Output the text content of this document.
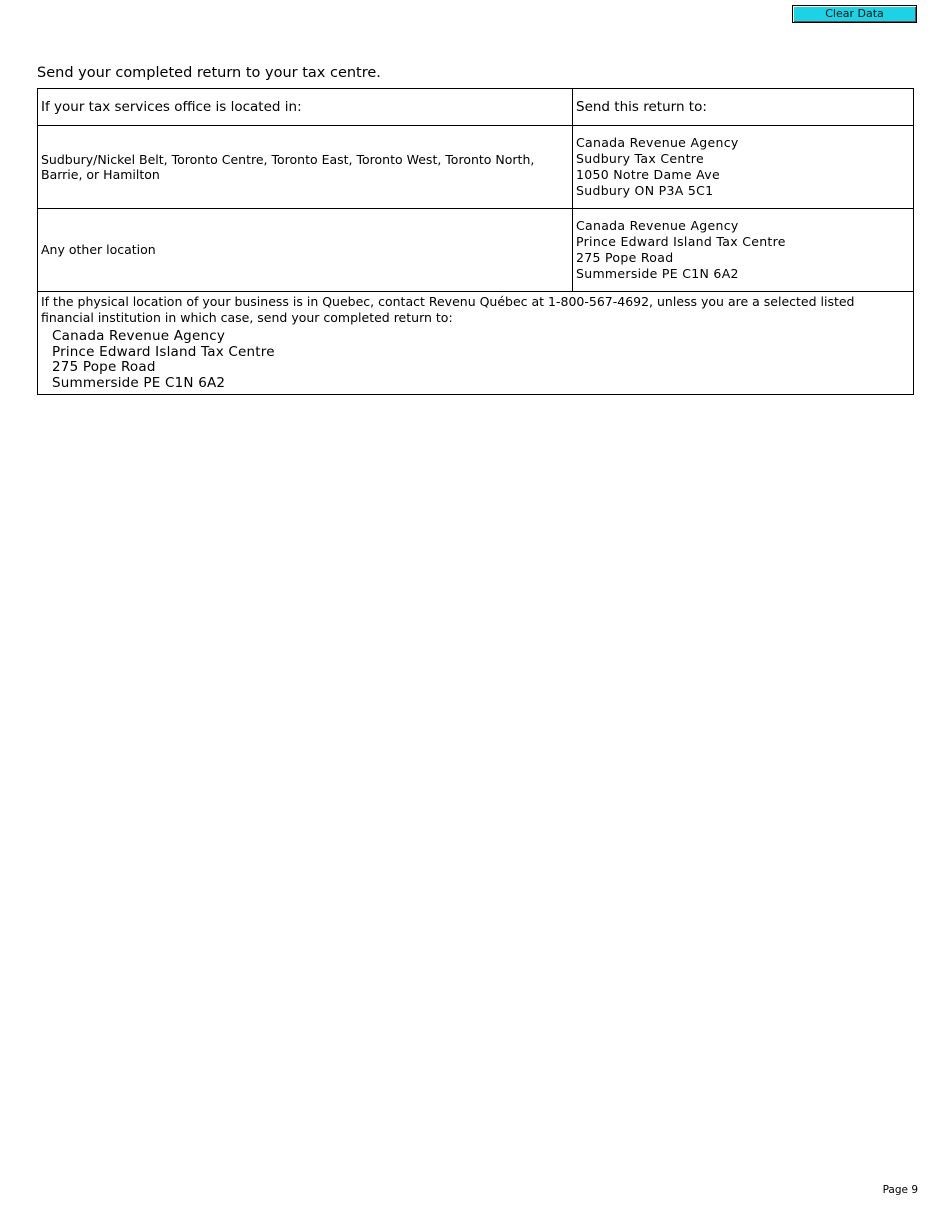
Clear Data
Send your completed return to your tax centre.
If your tax services office is located in:	Send this return to:

Sudbury/Nickel Belt, Toronto Centre, Toronto East, Toronto West, Toronto North, Barrie, or Hamilton	Canada Revenue Agency
Sudbury Tax Centre
1050 Notre Dame Ave
Sudbury ON P3A 5C1

Any other location	Canada Revenue Agency
Prince Edward Island Tax Centre
275 Pope Road
Summerside PE C1N 6A2

If the physical location of your business is in Quebec, contact Revenu Québec at 1-800-567-4692, unless you are a selected listed financial institution in which case, send your completed return to:
Canada Revenue Agency
Prince Edward Island Tax Centre
275 Pope Road
Summerside PE C1N 6A2	
Page 9
